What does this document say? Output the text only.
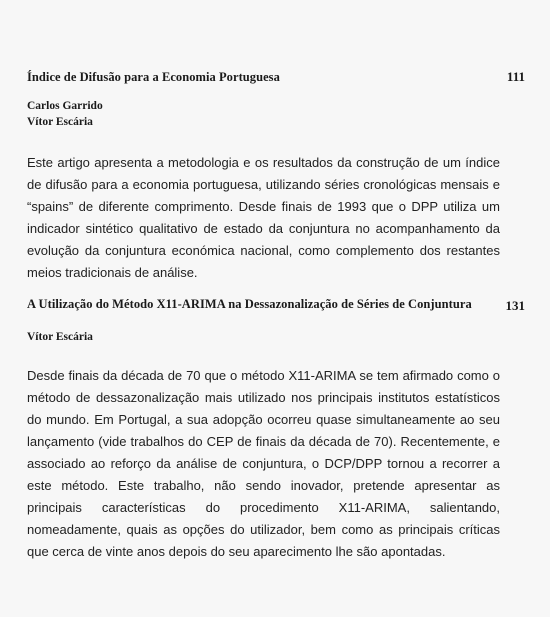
Índice de Difusão para a Economia Portuguesa	111
Carlos Garrido
Vítor Escária

Este artigo apresenta a metodologia e os resultados da construção de um índice de difusão para a economia portuguesa, utilizando séries cronológicas mensais e “spains” de diferente comprimento. Desde finais de 1993 que o DPP utiliza um indicador sintético qualitativo de estado da conjuntura no acompanhamento da evolução da conjuntura económica nacional, como complemento dos restantes meios tradicionais de análise.

A Utilização do Método X11-ARIMA na Dessazonalização de Séries de Conjuntura	131
Vítor Escária

Desde finais da década de 70 que o método X11-ARIMA se tem afirmado como o método de dessazonalização mais utilizado nos principais institutos estatísticos do mundo. Em Portugal, a sua adopção ocorreu quase simultaneamente ao seu lançamento (vide trabalhos do CEP de finais da década de 70). Recentemente, e associado ao reforço da análise de conjuntura, o DCP/DPP tornou a recorrer a este método. Este trabalho, não sendo inovador, pretende apresentar as principais características do procedimento X11-ARIMA, salientando, nomeadamente, quais as opções do utilizador, bem como as principais críticas que cerca de vinte anos depois do seu aparecimento lhe são apontadas.
